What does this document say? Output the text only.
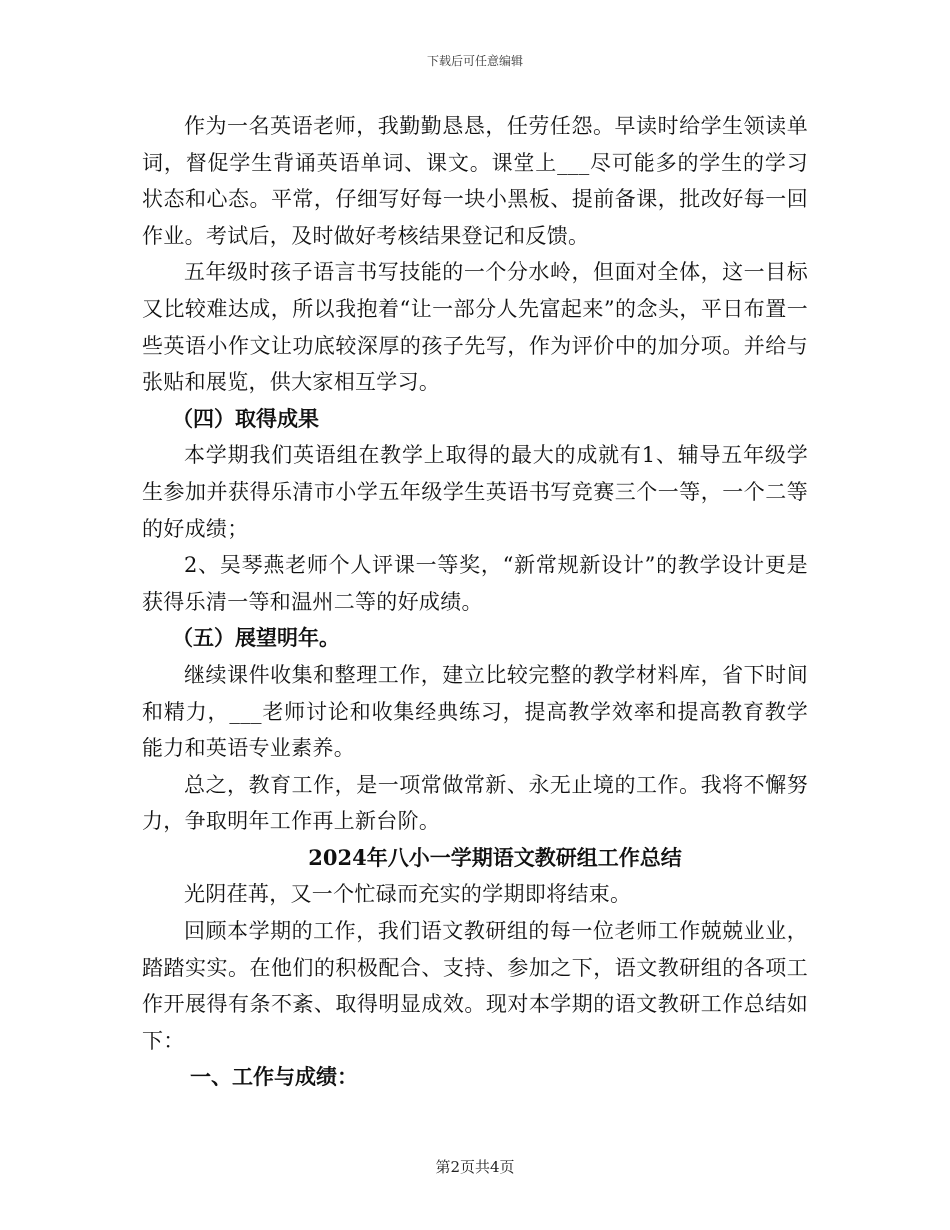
下载后可任意编辑

作为一名英语老师，我勤勤恳恳，任劳任怨。早读时给学生领读单词，督促学生背诵英语单词、课文。课堂上___尽可能多的学生的学习状态和心态。平常，仔细写好每一块小黑板、提前备课，批改好每一回作业。考试后，及时做好考核结果登记和反馈。

五年级时孩子语言书写技能的一个分水岭，但面对全体，这一目标又比较难达成，所以我抱着“让一部分人先富起来”的念头，平日布置一些英语小作文让功底较深厚的孩子先写，作为评价中的加分项。并给与张贴和展览，供大家相互学习。

（四）取得成果

本学期我们英语组在教学上取得的最大的成就有1、辅导五年级学生参加并获得乐清市小学五年级学生英语书写竞赛三个一等，一个二等的好成绩；

2、吴琴燕老师个人评课一等奖，“新常规新设计”的教学设计更是获得乐清一等和温州二等的好成绩。

（五）展望明年。

继续课件收集和整理工作，建立比较完整的教学材料库，省下时间和精力，___老师讨论和收集经典练习，提高教学效率和提高教育教学能力和英语专业素养。

总之，教育工作，是一项常做常新、永无止境的工作。我将不懈努力，争取明年工作再上新台阶。

2024年八小一学期语文教研组工作总结

光阴荏苒，又一个忙碌而充实的学期即将结束。

回顾本学期的工作，我们语文教研组的每一位老师工作兢兢业业，踏踏实实。在他们的积极配合、支持、参加之下，语文教研组的各项工作开展得有条不紊、取得明显成效。现对本学期的语文教研工作总结如下：

一、工作与成绩：

第2页共4页
